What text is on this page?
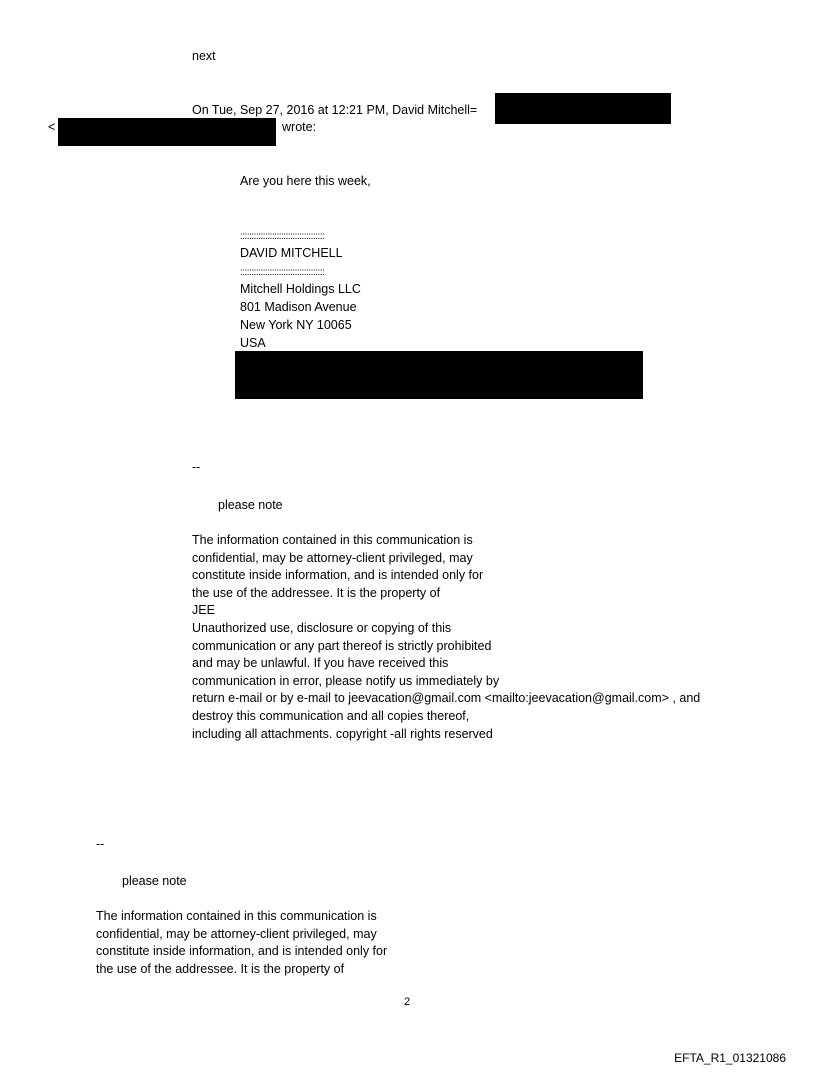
next
On Tue, Sep 27, 2016 at 12:21 PM, David Mitchell=
<	wrote:
Are you here this week,
:::::::::::::::::::::::::::::::::::::
DAVID MITCHELL
:::::::::::::::::::::::::::::::::::::
Mitchell Holdings LLC
801 Madison Avenue
New York NY 10065
USA
--
please note
The information contained in this communication is
confidential, may be attorney-client privileged, may
constitute inside information, and is intended only for
the use of the addressee. It is the property of
JEE
Unauthorized use, disclosure or copying of this
communication or any part thereof is strictly prohibited
and may be unlawful. If you have received this
communication in error, please notify us immediately by
return e-mail or by e-mail to jeevacation@gmail.com <mailto:jeevacation@gmail.com> , and
destroy this communication and all copies thereof,
including all attachments. copyright -all rights reserved
--
please note
The information contained in this communication is
confidential, may be attorney-client privileged, may
constitute inside information, and is intended only for
the use of the addressee. It is the property of
2
EFTA_R1_01321086
